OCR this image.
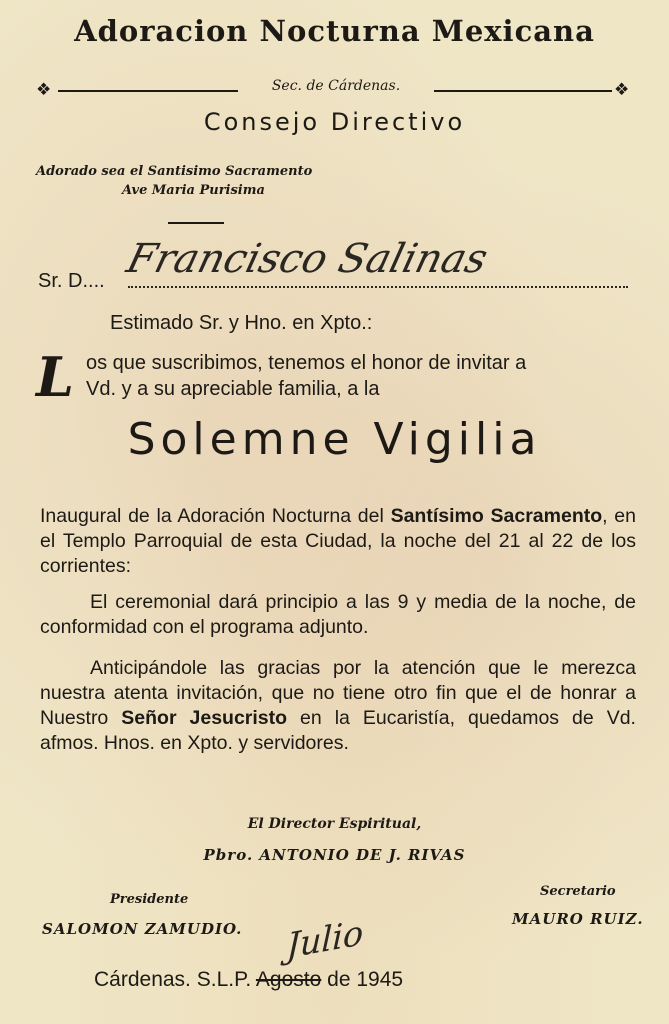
Adoracion Nocturna Mexicana
❖	Sec. de Cárdenas.	❖
Consejo Directivo
Adorado sea el Santisimo Sacramento
Ave Maria Purisima
Sr. D.... Francisco Salinas
Estimado Sr. y Hno. en Xpto.:
L os que suscribimos, tenemos el honor de invitar a
Vd. y a su apreciable familia, a la
Solemne Vigilia
Inaugural de la Adoración Nocturna del Santísimo Sacramento, en el Templo Parroquial de esta Ciudad, la noche del 21 al 22 de los corrientes:
El ceremonial dará principio a las 9 y media de la noche, de conformidad con el programa adjunto.
Anticipándole las gracias por la atención que le merezca nuestra atenta invitación, que no tiene otro fin que el de honrar a Nuestro Señor Jesucristo en la Eucaristía, quedamos de Vd. afmos. Hnos. en Xpto. y servidores.
El Director Espiritual,
Pbro. ANTONIO DE J. RIVAS
Presidente
SALOMON ZAMUDIO.
Secretario
MAURO RUIZ.
Julio
Cárdenas. S.L.P. Agosto de 1945
